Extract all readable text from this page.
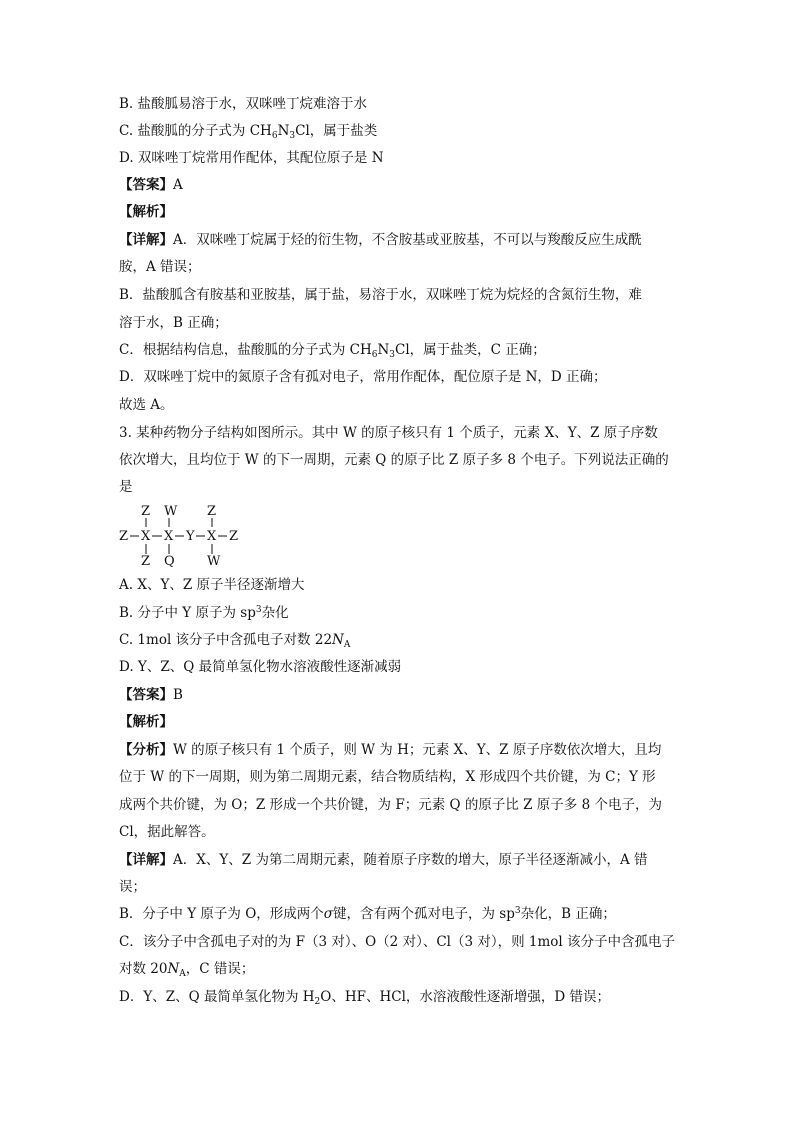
B. 盐酸胍易溶于水，双咪唑丁烷难溶于水
C. 盐酸胍的分子式为 $CH_6N_3Cl$，属于盐类
D. 双咪唑丁烷常用作配体，其配位原子是 N
【答案】A
【解析】
【详解】A．双咪唑丁烷属于烃的衍生物，不含胺基或亚胺基，不可以与羧酸反应生成酰
胺，A 错误；
B．盐酸胍含有胺基和亚胺基，属于盐，易溶于水，双咪唑丁烷为烷烃的含氮衍生物，难
溶于水，B 正确；
C．根据结构信息，盐酸胍的分子式为 $CH_6N_3Cl$，属于盐类，C 正确；
D．双咪唑丁烷中的氮原子含有孤对电子，常用作配体，配位原子是 N，D 正确；
故选 A。
3. 某种药物分子结构如图所示。其中 W 的原子核只有 1 个质子，元素 X、Y、Z 原子序数
依次增大，且均位于 W 的下一周期，元素 Q 的原子比 Z 原子多 8 个电子。下列说法正确的
是
Z W Z
Z X X Y X Z
Z Q W
A. X、Y、Z 原子半径逐渐增大
B. 分子中 Y 原子为 $sp^3$杂化
C. 1mol 该分子中含孤电子对数 $22N_A$
D. Y、Z、Q 最简单氢化物水溶液酸性逐渐减弱
【答案】B
【解析】
【分析】W 的原子核只有 1 个质子，则 W 为 H；元素 X、Y、Z 原子序数依次增大，且均
位于 W 的下一周期，则为第二周期元素，结合物质结构，X 形成四个共价键，为 C；Y 形
成两个共价键，为 O；Z 形成一个共价键，为 F；元素 Q 的原子比 Z 原子多 8 个电子，为
Cl，据此解答。
【详解】A．X、Y、Z 为第二周期元素，随着原子序数的增大，原子半径逐渐减小，A 错
误；
B．分子中 Y 原子为 O，形成两个σ键，含有两个孤对电子，为 $sp^3$杂化，B 正确；
C．该分子中含孤电子对的为 F（3 对）、O（2 对）、Cl（3 对），则 1mol 该分子中含孤电子
对数 $20N_A$，C 错误；
D．Y、Z、Q 最简单氢化物为 $H_2O$、HF、HCl，水溶液酸性逐渐增强，D 错误；
